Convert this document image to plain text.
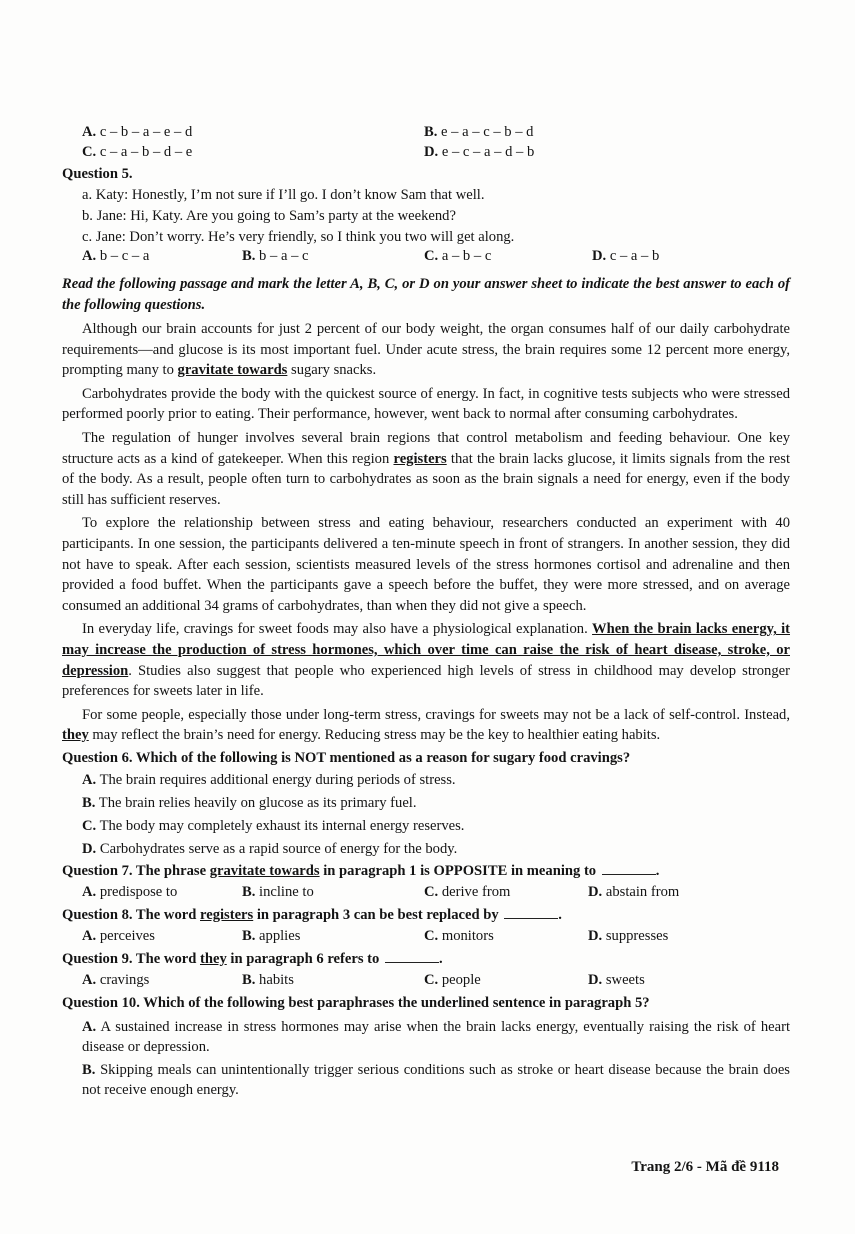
A. c – b – a – e – d	B. e – a – c – b – d
C. c – a – b – d – e	D. e – c – a – d – b
Question 5.
a. Katy: Honestly, I’m not sure if I’ll go. I don’t know Sam that well.
b. Jane: Hi, Katy. Are you going to Sam’s party at the weekend?
c. Jane: Don’t worry. He’s very friendly, so I think you two will get along.
A. b – c – a	B. b – a – c	C. a – b – c	D. c – a – b
Read the following passage and mark the letter A, B, C, or D on your answer sheet to indicate the best answer to each of the following questions.
Although our brain accounts for just 2 percent of our body weight, the organ consumes half of our daily carbohydrate requirements—and glucose is its most important fuel. Under acute stress, the brain requires some 12 percent more energy, prompting many to gravitate towards sugary snacks.
Carbohydrates provide the body with the quickest source of energy. In fact, in cognitive tests subjects who were stressed performed poorly prior to eating. Their performance, however, went back to normal after consuming carbohydrates.
The regulation of hunger involves several brain regions that control metabolism and feeding behaviour. One key structure acts as a kind of gatekeeper. When this region registers that the brain lacks glucose, it limits signals from the rest of the body. As a result, people often turn to carbohydrates as soon as the brain signals a need for energy, even if the body still has sufficient reserves.
To explore the relationship between stress and eating behaviour, researchers conducted an experiment with 40 participants. In one session, the participants delivered a ten-minute speech in front of strangers. In another session, they did not have to speak. After each session, scientists measured levels of the stress hormones cortisol and adrenaline and then provided a food buffet. When the participants gave a speech before the buffet, they were more stressed, and on average consumed an additional 34 grams of carbohydrates, than when they did not give a speech.
In everyday life, cravings for sweet foods may also have a physiological explanation. When the brain lacks energy, it may increase the production of stress hormones, which over time can raise the risk of heart disease, stroke, or depression. Studies also suggest that people who experienced high levels of stress in childhood may develop stronger preferences for sweets later in life.
For some people, especially those under long-term stress, cravings for sweets may not be a lack of self-control. Instead, they may reflect the brain’s need for energy. Reducing stress may be the key to healthier eating habits.
Question 6. Which of the following is NOT mentioned as a reason for sugary food cravings?
A. The brain requires additional energy during periods of stress.
B. The brain relies heavily on glucose as its primary fuel.
C. The body may completely exhaust its internal energy reserves.
D. Carbohydrates serve as a rapid source of energy for the body.
Question 7. The phrase gravitate towards in paragraph 1 is OPPOSITE in meaning to	.
A. predispose to	B. incline to	C. derive from	D. abstain from
Question 8. The word registers in paragraph 3 can be best replaced by	.
A. perceives	B. applies	C. monitors	D. suppresses
Question 9. The word they in paragraph 6 refers to	.
A. cravings	B. habits	C. people	D. sweets
Question 10. Which of the following best paraphrases the underlined sentence in paragraph 5?
A. A sustained increase in stress hormones may arise when the brain lacks energy, eventually raising the risk of heart disease or depression.
B. Skipping meals can unintentionally trigger serious conditions such as stroke or heart disease because the brain does not receive enough energy.
Trang 2/6 - Mã đề 9118
